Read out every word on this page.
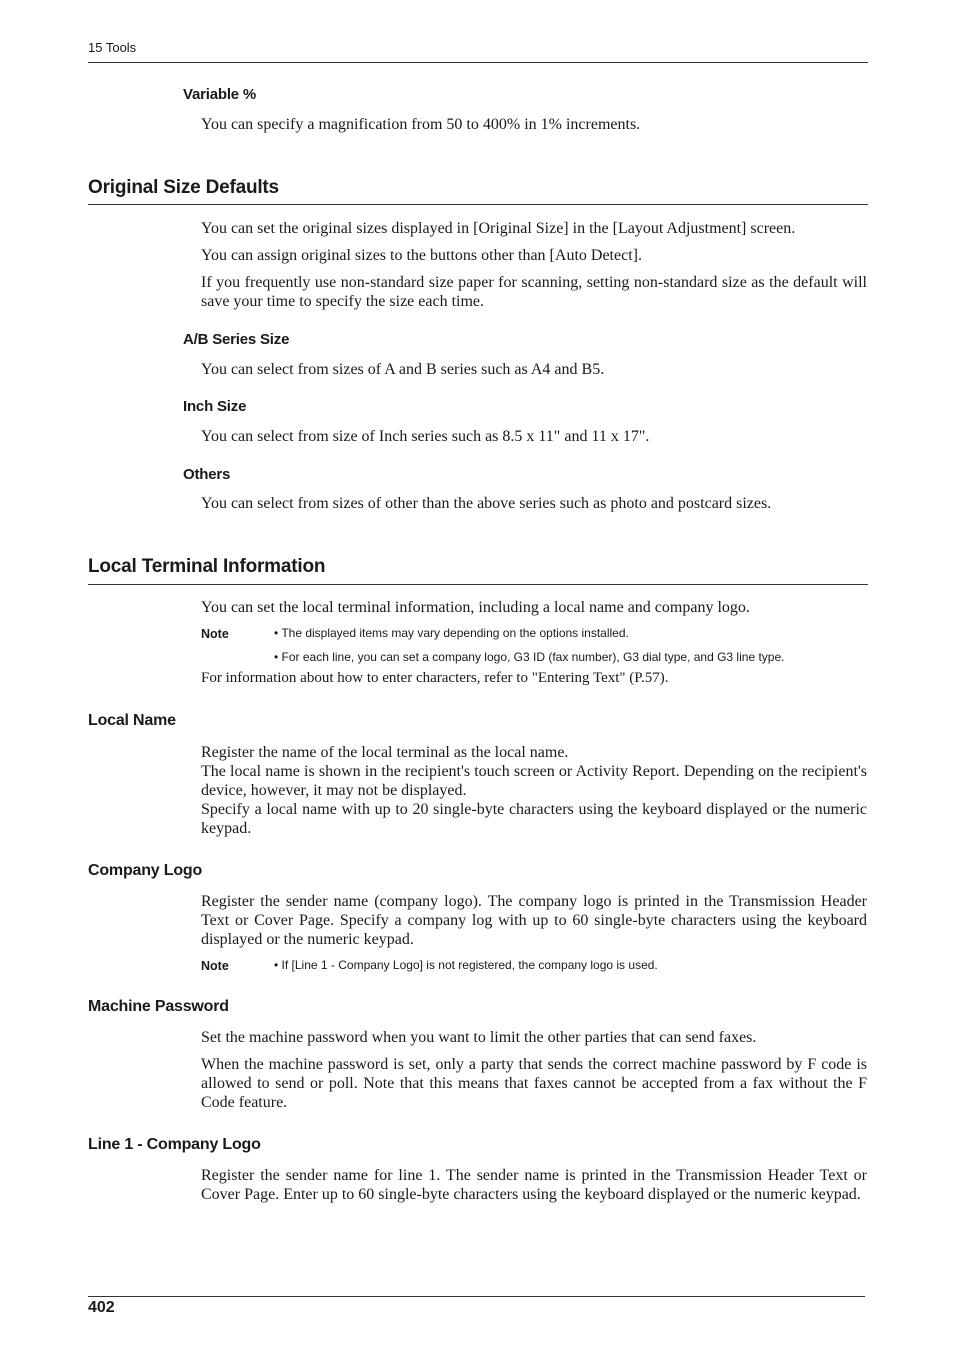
15 Tools
Variable %
You can specify a magnification from 50 to 400% in 1% increments.
Original Size Defaults
You can set the original sizes displayed in [Original Size] in the [Layout Adjustment] screen.
You can assign original sizes to the buttons other than [Auto Detect].
If you frequently use non-standard size paper for scanning, setting non-standard size as the default will save your time to specify the size each time.
A/B Series Size
You can select from sizes of A and B series such as A4 and B5.
Inch Size
You can select from size of Inch series such as 8.5 x 11" and 11 x 17".
Others
You can select from sizes of other than the above series such as photo and postcard sizes.
Local Terminal Information
You can set the local terminal information, including a local name and company logo.
Note	• The displayed items may vary depending on the options installed.
• For each line, you can set a company logo, G3 ID (fax number), G3 dial type, and G3 line type.
For information about how to enter characters, refer to "Entering Text" (P.57).
Local Name
Register the name of the local terminal as the local name.
The local name is shown in the recipient's touch screen or Activity Report. Depending on the recipient's device, however, it may not be displayed.
Specify a local name with up to 20 single-byte characters using the keyboard displayed or the numeric keypad.
Company Logo
Register the sender name (company logo). The company logo is printed in the Transmission Header Text or Cover Page. Specify a company log with up to 60 single-byte characters using the keyboard displayed or the numeric keypad.
Note	• If [Line 1 - Company Logo] is not registered, the company logo is used.
Machine Password
Set the machine password when you want to limit the other parties that can send faxes.
When the machine password is set, only a party that sends the correct machine password by F code is allowed to send or poll. Note that this means that faxes cannot be accepted from a fax without the F Code feature.
Line 1 - Company Logo
Register the sender name for line 1. The sender name is printed in the Transmission Header Text or Cover Page. Enter up to 60 single-byte characters using the keyboard displayed or the numeric keypad.
402
